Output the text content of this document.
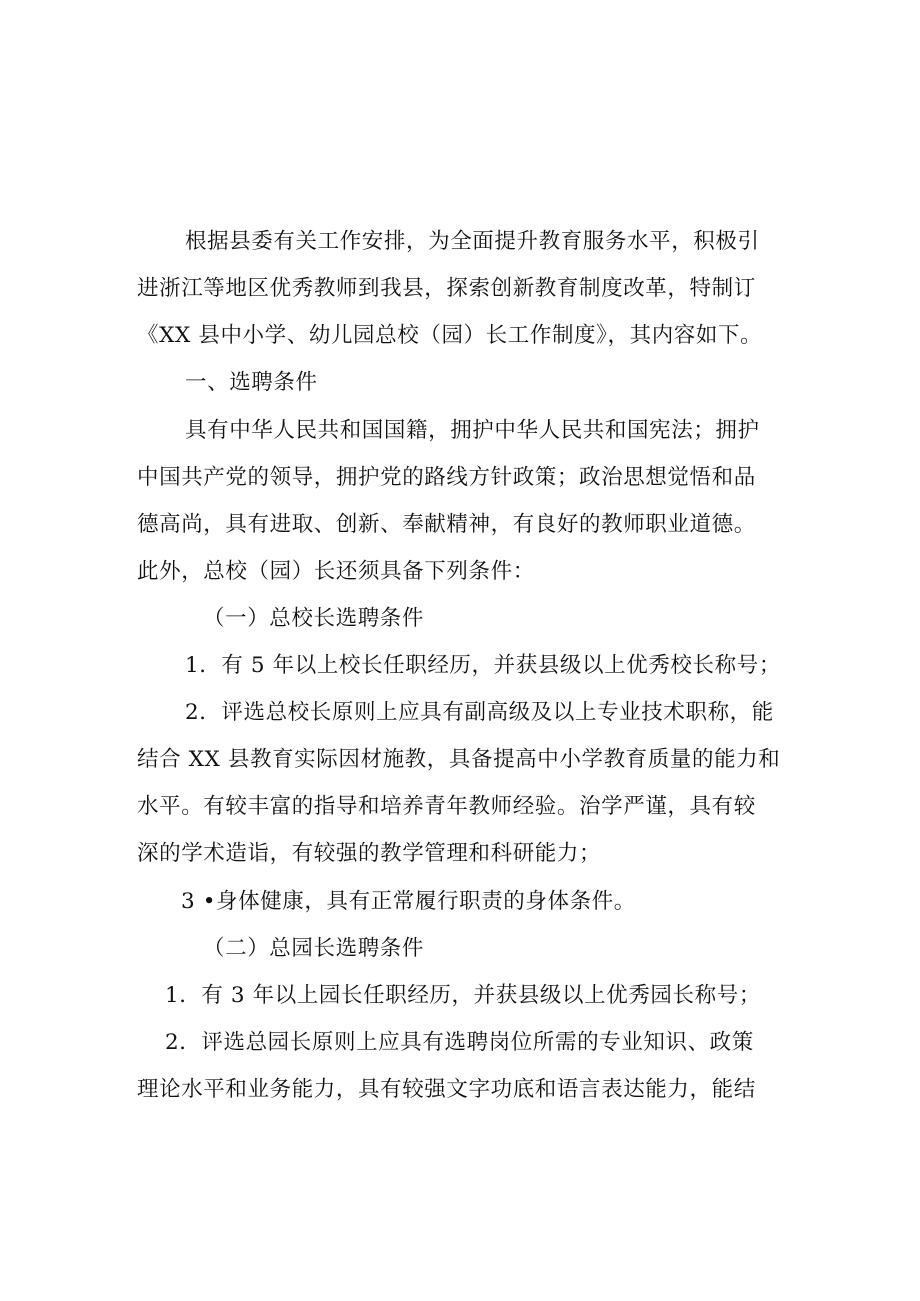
根据县委有关工作安排，为全面提升教育服务水平，积极引
进浙江等地区优秀教师到我县，探索创新教育制度改革，特制订
《XX 县中小学、幼儿园总校（园）长工作制度》，其内容如下。
一、选聘条件
具有中华人民共和国国籍，拥护中华人民共和国宪法；拥护
中国共产党的领导，拥护党的路线方针政策；政治思想觉悟和品
德高尚，具有进取、创新、奉献精神，有良好的教师职业道德。
此外，总校（园）长还须具备下列条件：
（一）总校长选聘条件
1．有 5 年以上校长任职经历，并获县级以上优秀校长称号；
2．评选总校长原则上应具有副高级及以上专业技术职称，能
结合 XX 县教育实际因材施教，具备提高中小学教育质量的能力和
水平。有较丰富的指导和培养青年教师经验。治学严谨，具有较
深的学术造诣，有较强的教学管理和科研能力；
3 •身体健康，具有正常履行职责的身体条件。
（二）总园长选聘条件
1．有 3 年以上园长任职经历，并获县级以上优秀园长称号；
2．评选总园长原则上应具有选聘岗位所需的专业知识、政策
理论水平和业务能力，具有较强文字功底和语言表达能力，能结
